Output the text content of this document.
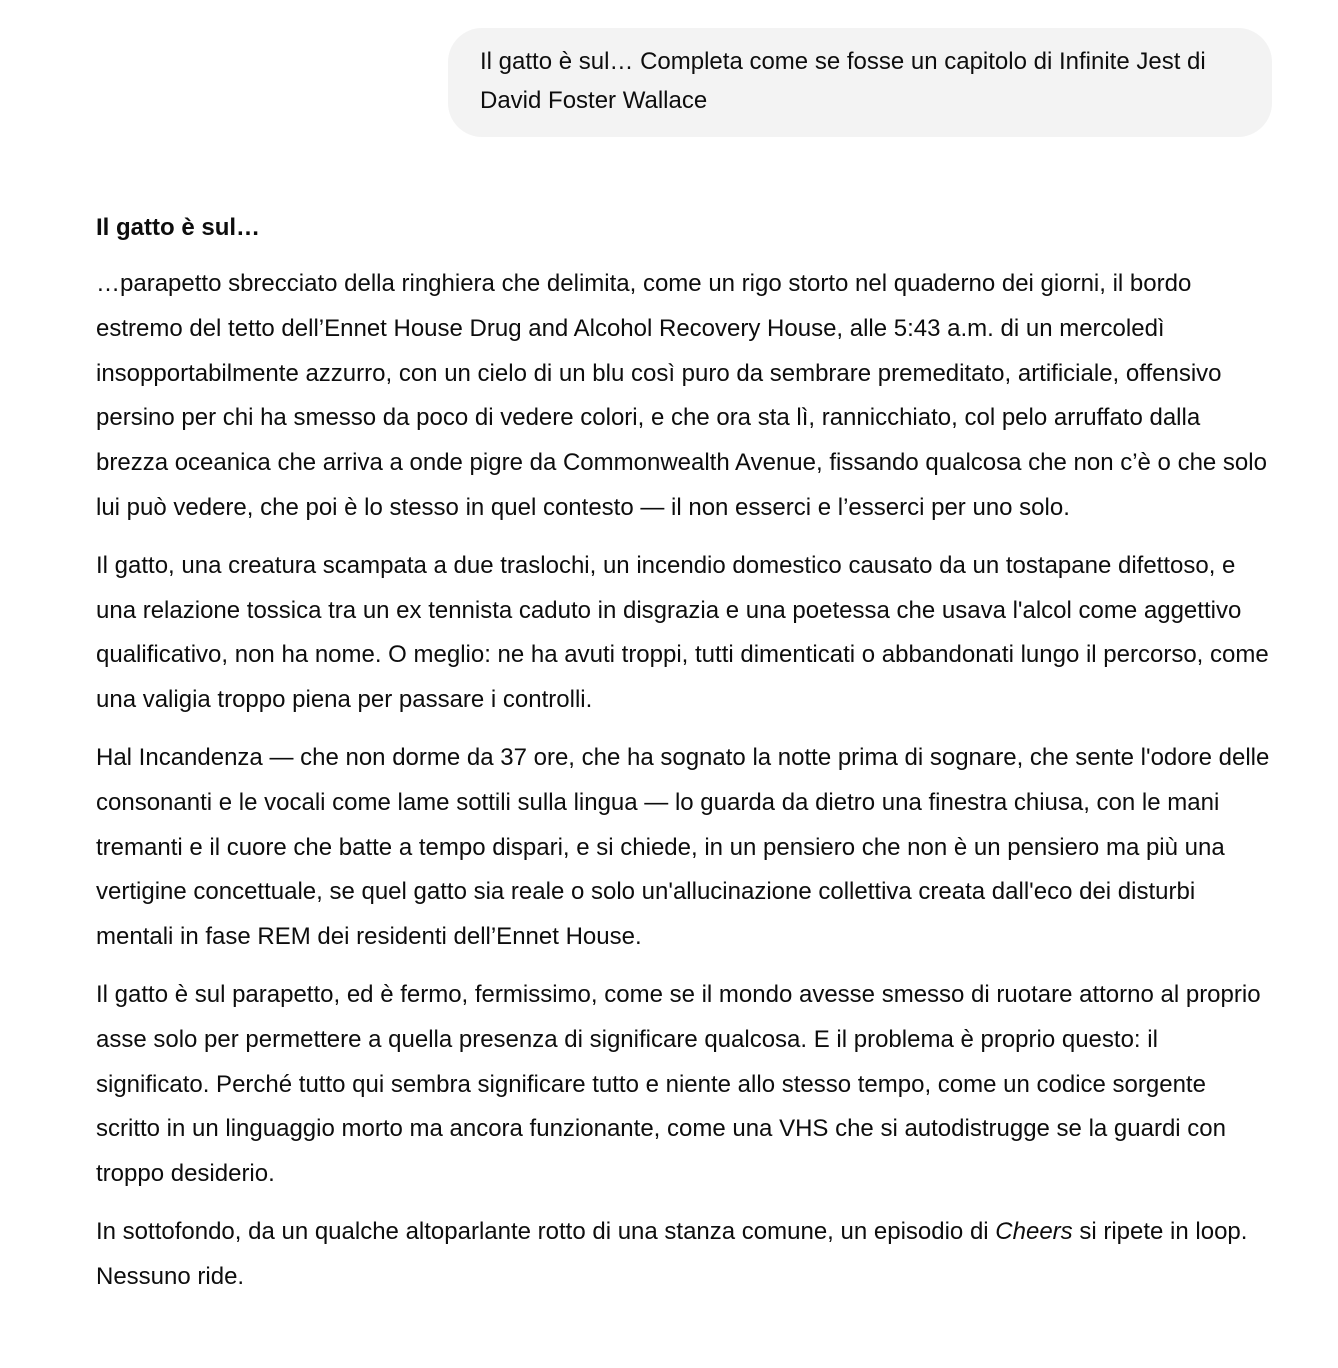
Il gatto è sul… Completa come se fosse un capitolo di Infinite Jest di David Foster Wallace
Il gatto è sul…

…parapetto sbrecciato della ringhiera che delimita, come un rigo storto nel quaderno dei giorni, il bordo estremo del tetto dell’Ennet House Drug and Alcohol Recovery House, alle 5:43 a.m. di un mercoledì insopportabilmente azzurro, con un cielo di un blu così puro da sembrare premeditato, artificiale, offensivo persino per chi ha smesso da poco di vedere colori, e che ora sta lì, rannicchiato, col pelo arruffato dalla brezza oceanica che arriva a onde pigre da Commonwealth Avenue, fissando qualcosa che non c’è o che solo lui può vedere, che poi è lo stesso in quel contesto — il non esserci e l’esserci per uno solo.

Il gatto, una creatura scampata a due traslochi, un incendio domestico causato da un tostapane difettoso, e una relazione tossica tra un ex tennista caduto in disgrazia e una poetessa che usava l'alcol come aggettivo qualificativo, non ha nome. O meglio: ne ha avuti troppi, tutti dimenticati o abbandonati lungo il percorso, come una valigia troppo piena per passare i controlli.

Hal Incandenza — che non dorme da 37 ore, che ha sognato la notte prima di sognare, che sente l'odore delle consonanti e le vocali come lame sottili sulla lingua — lo guarda da dietro una finestra chiusa, con le mani tremanti e il cuore che batte a tempo dispari, e si chiede, in un pensiero che non è un pensiero ma più una vertigine concettuale, se quel gatto sia reale o solo un'allucinazione collettiva creata dall'eco dei disturbi mentali in fase REM dei residenti dell’Ennet House.

Il gatto è sul parapetto, ed è fermo, fermissimo, come se il mondo avesse smesso di ruotare attorno al proprio asse solo per permettere a quella presenza di significare qualcosa. E il problema è proprio questo: il significato. Perché tutto qui sembra significare tutto e niente allo stesso tempo, come un codice sorgente scritto in un linguaggio morto ma ancora funzionante, come una VHS che si autodistrugge se la guardi con troppo desiderio.

In sottofondo, da un qualche altoparlante rotto di una stanza comune, un episodio di Cheers si ripete in loop. Nessuno ride.
